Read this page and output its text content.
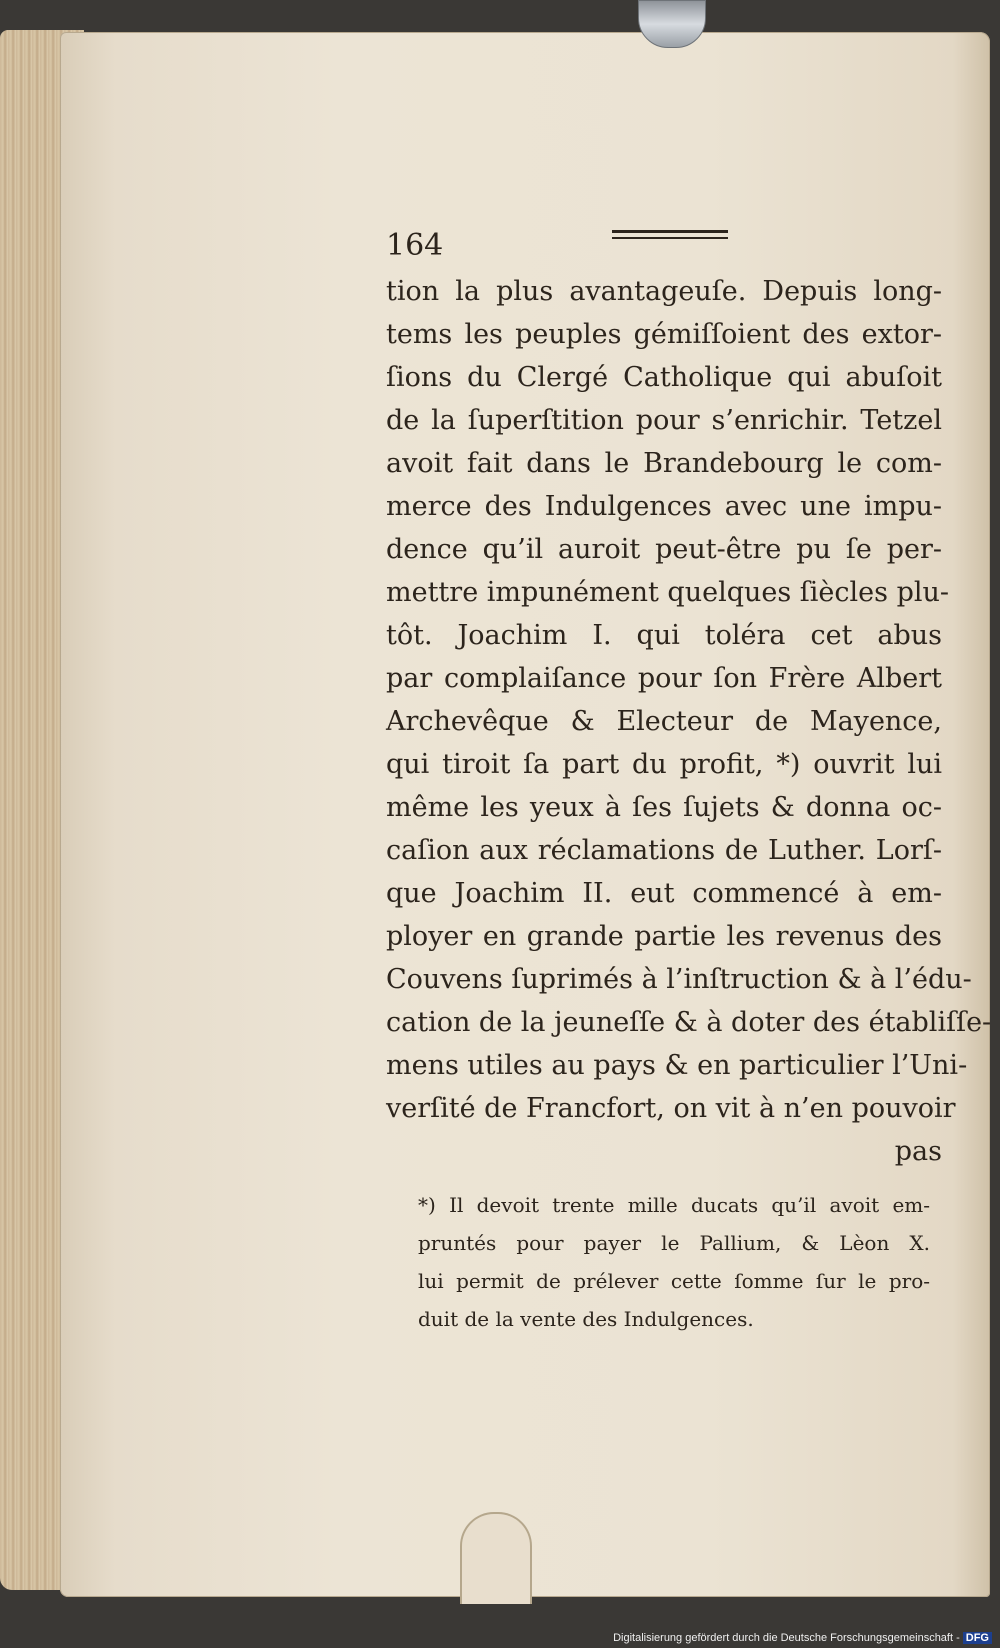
164
tion la plus avantageuſe. Depuis long-
tems les peuples gémiſſoient des extor-
ſions du Clergé Catholique qui abuſoit
de la ſuperſtition pour s’enrichir. Tetzel
avoit fait dans le Brandebourg le com-
merce des Indulgences avec une impu-
dence qu’il auroit peut-être pu ſe per-
mettre impunément quelques ſiècles plu-
tôt. Joachim I. qui toléra cet abus
par complaiſance pour ſon Frère Albert
Archevêque & Electeur de Mayence,
qui tiroit ſa part du profit, *) ouvrit lui
même les yeux à ſes ſujets & donna oc-
caſion aux réclamations de Luther. Lorſ-
que Joachim II. eut commencé à em-
ployer en grande partie les revenus des
Couvens ſuprimés à l’inſtruction & à l’édu-
cation de la jeuneſſe & à doter des établiſſe-
mens utiles au pays & en particulier l’Uni-
verſité de Francfort, on vit à n’en pouvoir
pas
*) Il devoit trente mille ducats qu’il avoit em-
pruntés pour payer le Pallium, & Lèon X.
lui permit de prélever cette ſomme ſur le pro-
duit de la vente des Indulgences.
Digitalisierung gefördert durch die Deutsche Forschungsgemeinschaft - DFG
